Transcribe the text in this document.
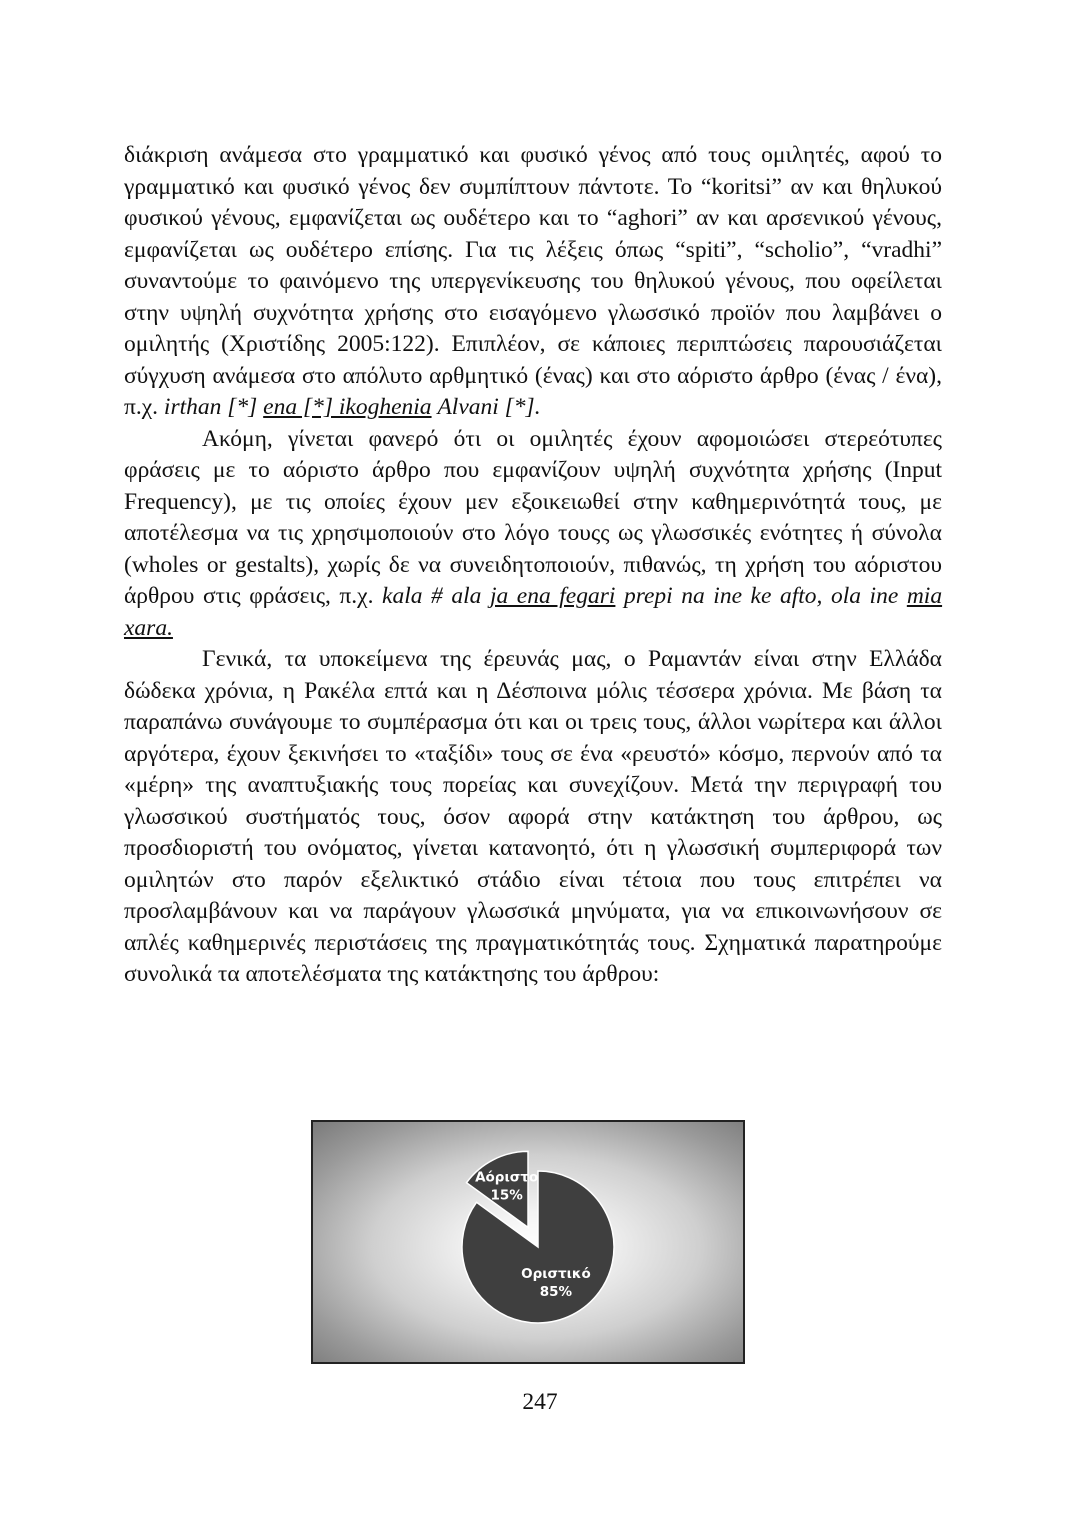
διάκριση ανάμεσα στο γραμματικό και φυσικό γένος από τους ομιλητές, αφού το γραμματικό και φυσικό γένος δεν συμπίπτουν πάντοτε. Το “koritsi” αν και θηλυκού φυσικού γένους, εμφανίζεται ως ουδέτερο και το “aghori” αν και αρσενικού γένους, εμφανίζεται ως ουδέτερο επίσης. Για τις λέξεις όπως “spiti”, “scholio”, “vradhi” συναντούμε το φαινόμενο της υπεργενίκευσης του θηλυκού γένους, που οφείλεται στην υψηλή συχνότητα χρήσης στο εισαγόμενο γλωσσικό προϊόν που λαμβάνει ο ομιλητής (Χριστίδης 2005:122). Επιπλέον, σε κάποιες περιπτώσεις παρουσιάζεται σύγχυση ανάμεσα στο απόλυτο αρθμητικό (ένας) και στο αόριστο άρθρο (ένας / ένα), π.χ. irthan [*] ena [*] ikoghenia Alvani [*].

Ακόμη, γίνεται φανερό ότι οι ομιλητές έχουν αφομοιώσει στερεότυπες φράσεις με το αόριστο άρθρο που εμφανίζουν υψηλή συχνότητα χρήσης (Input Frequency), με τις οποίες έχουν μεν εξοικειωθεί στην καθημερινότητά τους, με αποτέλεσμα να τις χρησιμοποιούν στο λόγο τουςς ως γλωσσικές ενότητες ή σύνολα (wholes or gestalts), χωρίς δε να συνειδητοποιούν, πιθανώς, τη χρήση του αόριστου άρθρου στις φράσεις, π.χ. kala # ala ja ena fegari prepi na ine ke afto, ola ine mia xara.

Γενικά, τα υποκείμενα της έρευνάς μας, ο Ραμαντάν είναι στην Ελλάδα δώδεκα χρόνια, η Ρακέλα επτά και η Δέσποινα μόλις τέσσερα χρόνια. Με βάση τα παραπάνω συνάγουμε το συμπέρασμα ότι και οι τρεις τους, άλλοι νωρίτερα και άλλοι αργότερα, έχουν ξεκινήσει το «ταξίδι» τους σε ένα «ρευστό» κόσμο, περνούν από τα «μέρη» της αναπτυξιακής τους πορείας και συνεχίζουν. Μετά την περιγραφή του γλωσσικού συστήματός τους, όσον αφορά στην κατάκτηση του άρθρου, ως προσδιοριστή του ονόματος, γίνεται κατανοητό, ότι η γλωσσική συμπεριφορά των ομιλητών στο παρόν εξελικτικό στάδιο είναι τέτοια που τους επιτρέπει να προσλαμβάνουν και να παράγουν γλωσσικά μηνύματα, για να επικοινωνήσουν σε απλές καθημερινές περιστάσεις της πραγματικότητάς τους. Σχηματικά παρατηρούμε συνολικά τα αποτελέσματα της κατάκτησης του άρθρου:

Αόριστο
15%
Οριστικό
85%
247
